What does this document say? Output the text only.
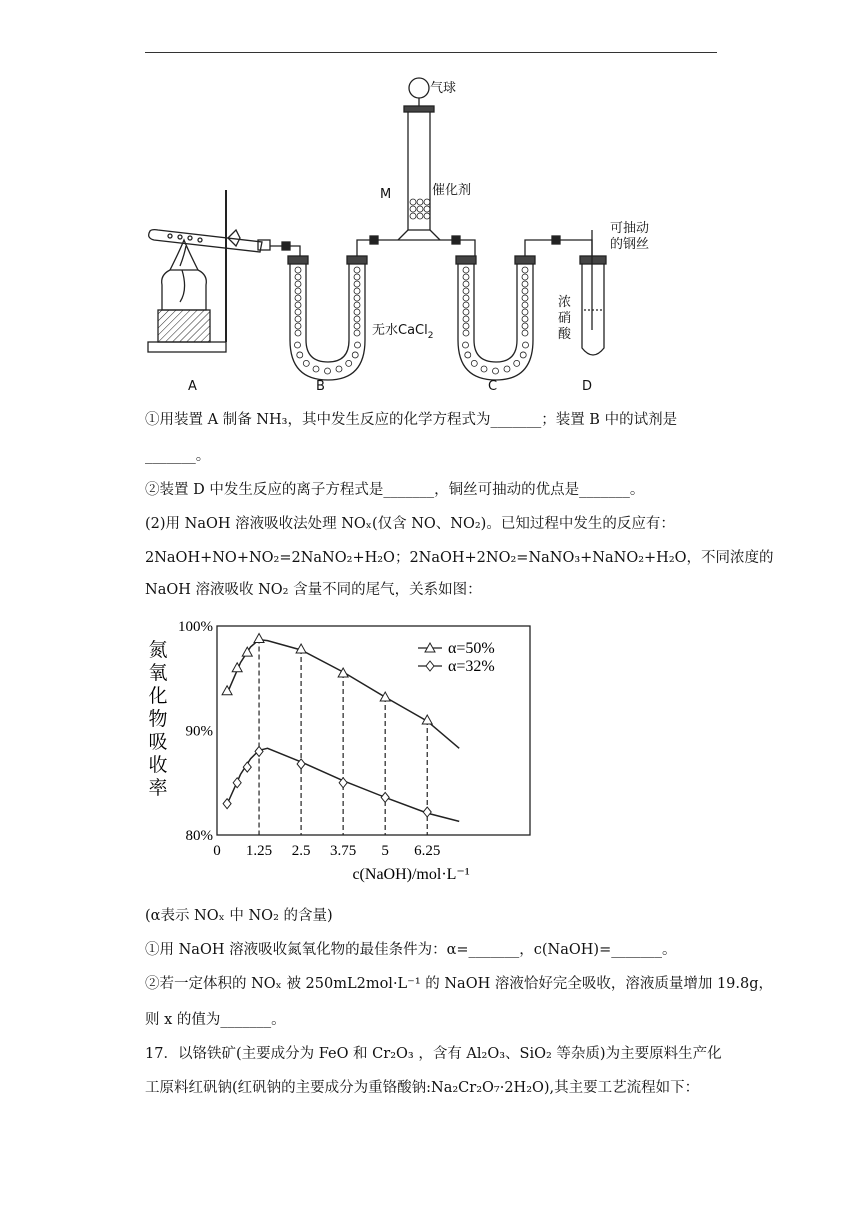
气球
催化剂
M
可抽动
的钢丝
无水CaCl$_2$
浓
硝
酸
A	B	C	D
①用装置 A 制备 NH₃，其中发生反应的化学方程式为_______；装置 B 中的试剂是
_______。
②装置 D 中发生反应的离子方程式是_______，铜丝可抽动的优点是_______。
(2)用 NaOH 溶液吸收法处理 NOₓ(仅含 NO、NO₂)。已知过程中发生的反应有：
2NaOH+NO+NO₂=2NaNO₂+H₂O；2NaOH+2NO₂=NaNO₃+NaNO₂+H₂O，不同浓度的
NaOH 溶液吸收 NO₂ 含量不同的尾气，关系如图：
0 1.25 2.5 3.75 5 6.25
80%
90%
100%
氮
氧
化
物
吸
收
率
c(NaOH)/mol·L⁻¹
α=50%
α=32%
(α表示 NOₓ 中 NO₂ 的含量)
①用 NaOH 溶液吸收氮氧化物的最佳条件为：α=_______，c(NaOH)=_______。
②若一定体积的 NOₓ 被 250mL2mol·L⁻¹ 的 NaOH 溶液恰好完全吸收，溶液质量增加 19.8g，
则 x 的值为_______。
17．以铬铁矿(主要成分为 FeO 和 Cr₂O₃ ，含有 Al₂O₃、SiO₂ 等杂质)为主要原料生产化
工原料红矾钠(红矾钠的主要成分为重铬酸钠:Na₂Cr₂O₇·2H₂O),其主要工艺流程如下：
